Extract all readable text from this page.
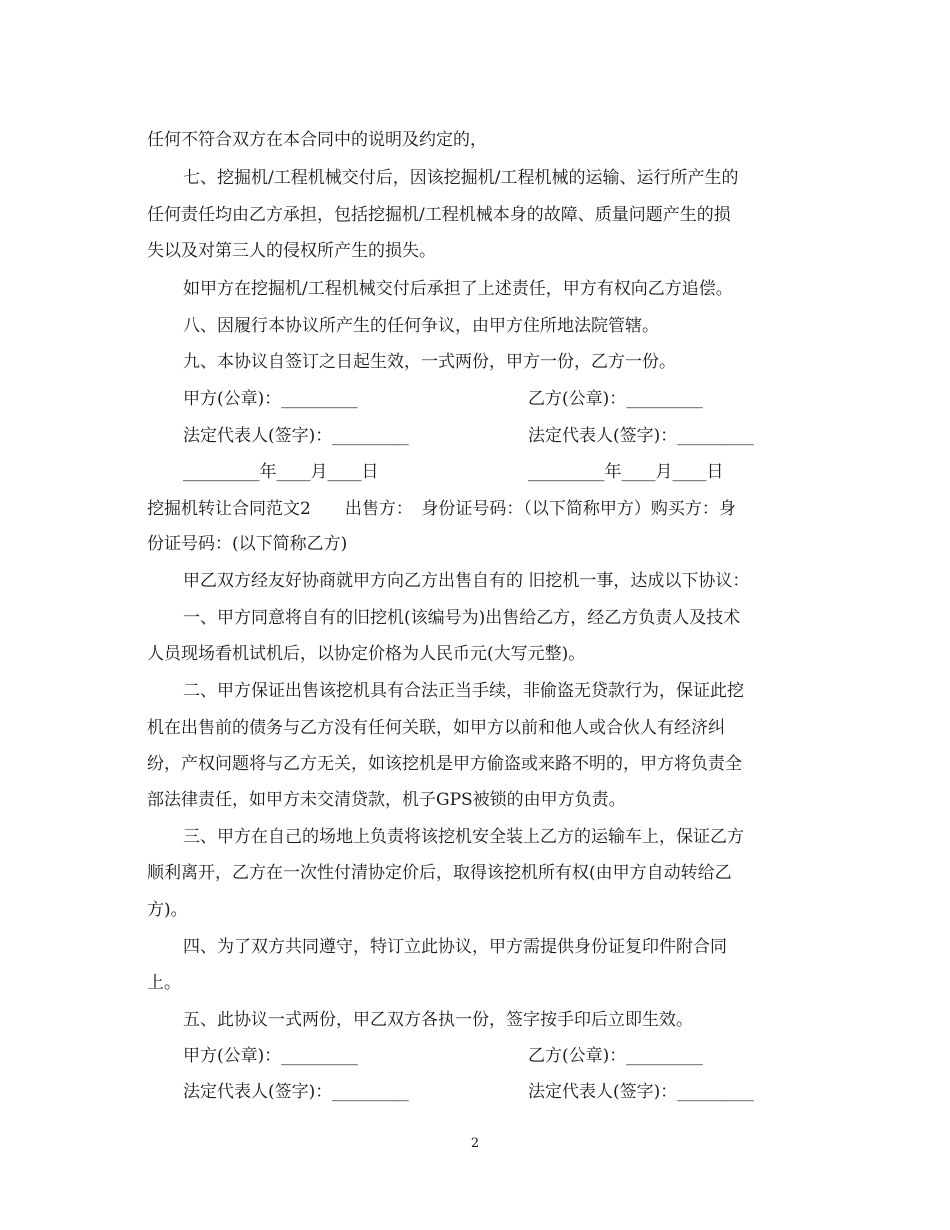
任何不符合双方在本合同中的说明及约定的，
七、挖掘机/工程机械交付后，因该挖掘机/工程机械的运输、运行所产生的
任何责任均由乙方承担，包括挖掘机/工程机械本身的故障、质量问题产生的损
失以及对第三人的侵权所产生的损失。
如甲方在挖掘机/工程机械交付后承担了上述责任，甲方有权向乙方追偿。
八、因履行本协议所产生的任何争议，由甲方住所地法院管辖。
九、本协议自签订之日起生效，一式两份，甲方一份，乙方一份。
甲方(公章)：_________	乙方(公章)：_________
法定代表人(签字)：_________	法定代表人(签字)：_________
_________年____月____日	_________年____月____日
挖掘机转让合同范文2　　出售方：　身份证号码：（以下简称甲方）购买方：身
份证号码：(以下简称乙方)
甲乙双方经友好协商就甲方向乙方出售自有的 旧挖机一事，达成以下协议：
一、甲方同意将自有的旧挖机(该编号为)出售给乙方，经乙方负责人及技术
人员现场看机试机后，以协定价格为人民币元(大写元整)。
二、甲方保证出售该挖机具有合法正当手续，非偷盗无贷款行为，保证此挖
机在出售前的债务与乙方没有任何关联，如甲方以前和他人或合伙人有经济纠
纷，产权问题将与乙方无关，如该挖机是甲方偷盗或来路不明的，甲方将负责全
部法律责任，如甲方未交清贷款，机子GPS被锁的由甲方负责。
三、甲方在自己的场地上负责将该挖机安全装上乙方的运输车上，保证乙方
顺利离开，乙方在一次性付清协定价后，取得该挖机所有权(由甲方自动转给乙
方)。
四、为了双方共同遵守，特订立此协议，甲方需提供身份证复印件附合同
上。
五、此协议一式两份，甲乙双方各执一份，签字按手印后立即生效。
甲方(公章)：_________	乙方(公章)：_________
法定代表人(签字)：_________	法定代表人(签字)：_________
2
